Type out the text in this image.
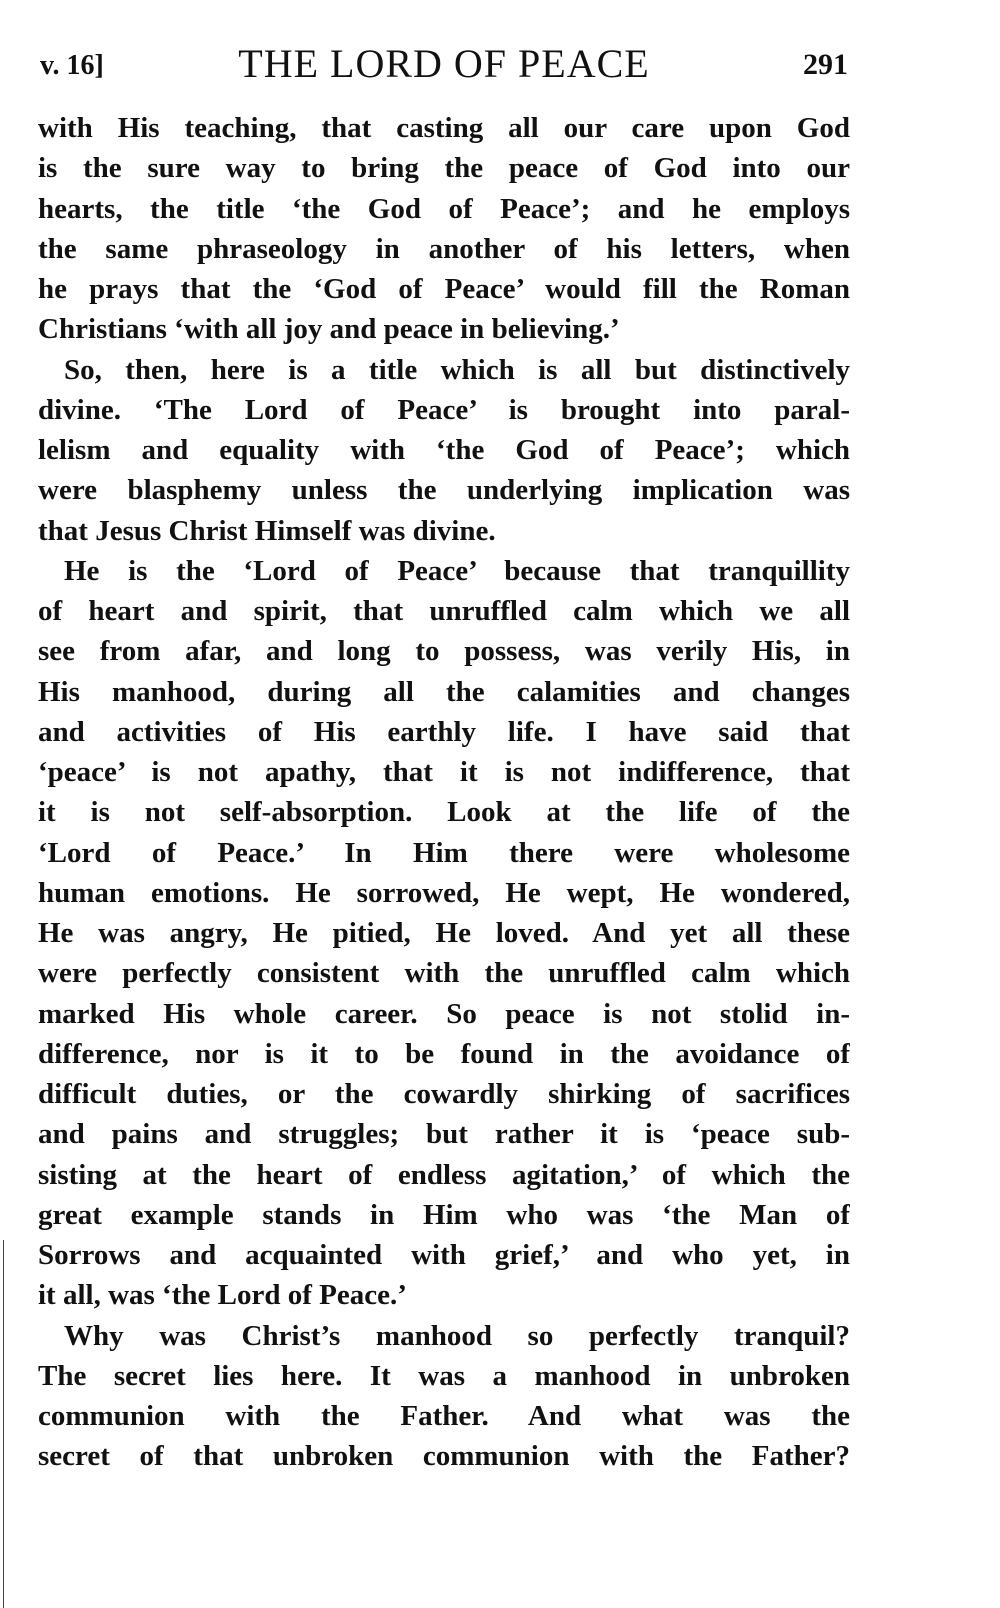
v. 16]	THE LORD OF PEACE	291
with His teaching, that casting all our care upon God
is the sure way to bring the peace of God into our
hearts, the title ‘the God of Peace’; and he employs
the same phraseology in another of his letters, when
he prays that the ‘God of Peace’ would fill the Roman
Christians ‘with all joy and peace in believing.’
So, then, here is a title which is all but distinctively
divine. ‘The Lord of Peace’ is brought into paral-
lelism and equality with ‘the God of Peace’; which
were blasphemy unless the underlying implication was
that Jesus Christ Himself was divine.
He is the ‘Lord of Peace’ because that tranquillity
of heart and spirit, that unruffled calm which we all
see from afar, and long to possess, was verily His, in
His manhood, during all the calamities and changes
and activities of His earthly life. I have said that
‘peace’ is not apathy, that it is not indifference, that
it is not self-absorption. Look at the life of the
‘Lord of Peace.’ In Him there were wholesome
human emotions. He sorrowed, He wept, He wondered,
He was angry, He pitied, He loved. And yet all these
were perfectly consistent with the unruffled calm which
marked His whole career. So peace is not stolid in-
difference, nor is it to be found in the avoidance of
difficult duties, or the cowardly shirking of sacrifices
and pains and struggles; but rather it is ‘peace sub-
sisting at the heart of endless agitation,’ of which the
great example stands in Him who was ‘the Man of
Sorrows and acquainted with grief,’ and who yet, in
it all, was ‘the Lord of Peace.’
Why was Christ’s manhood so perfectly tranquil?
The secret lies here. It was a manhood in unbroken
communion with the Father. And what was the
secret of that unbroken communion with the Father?
